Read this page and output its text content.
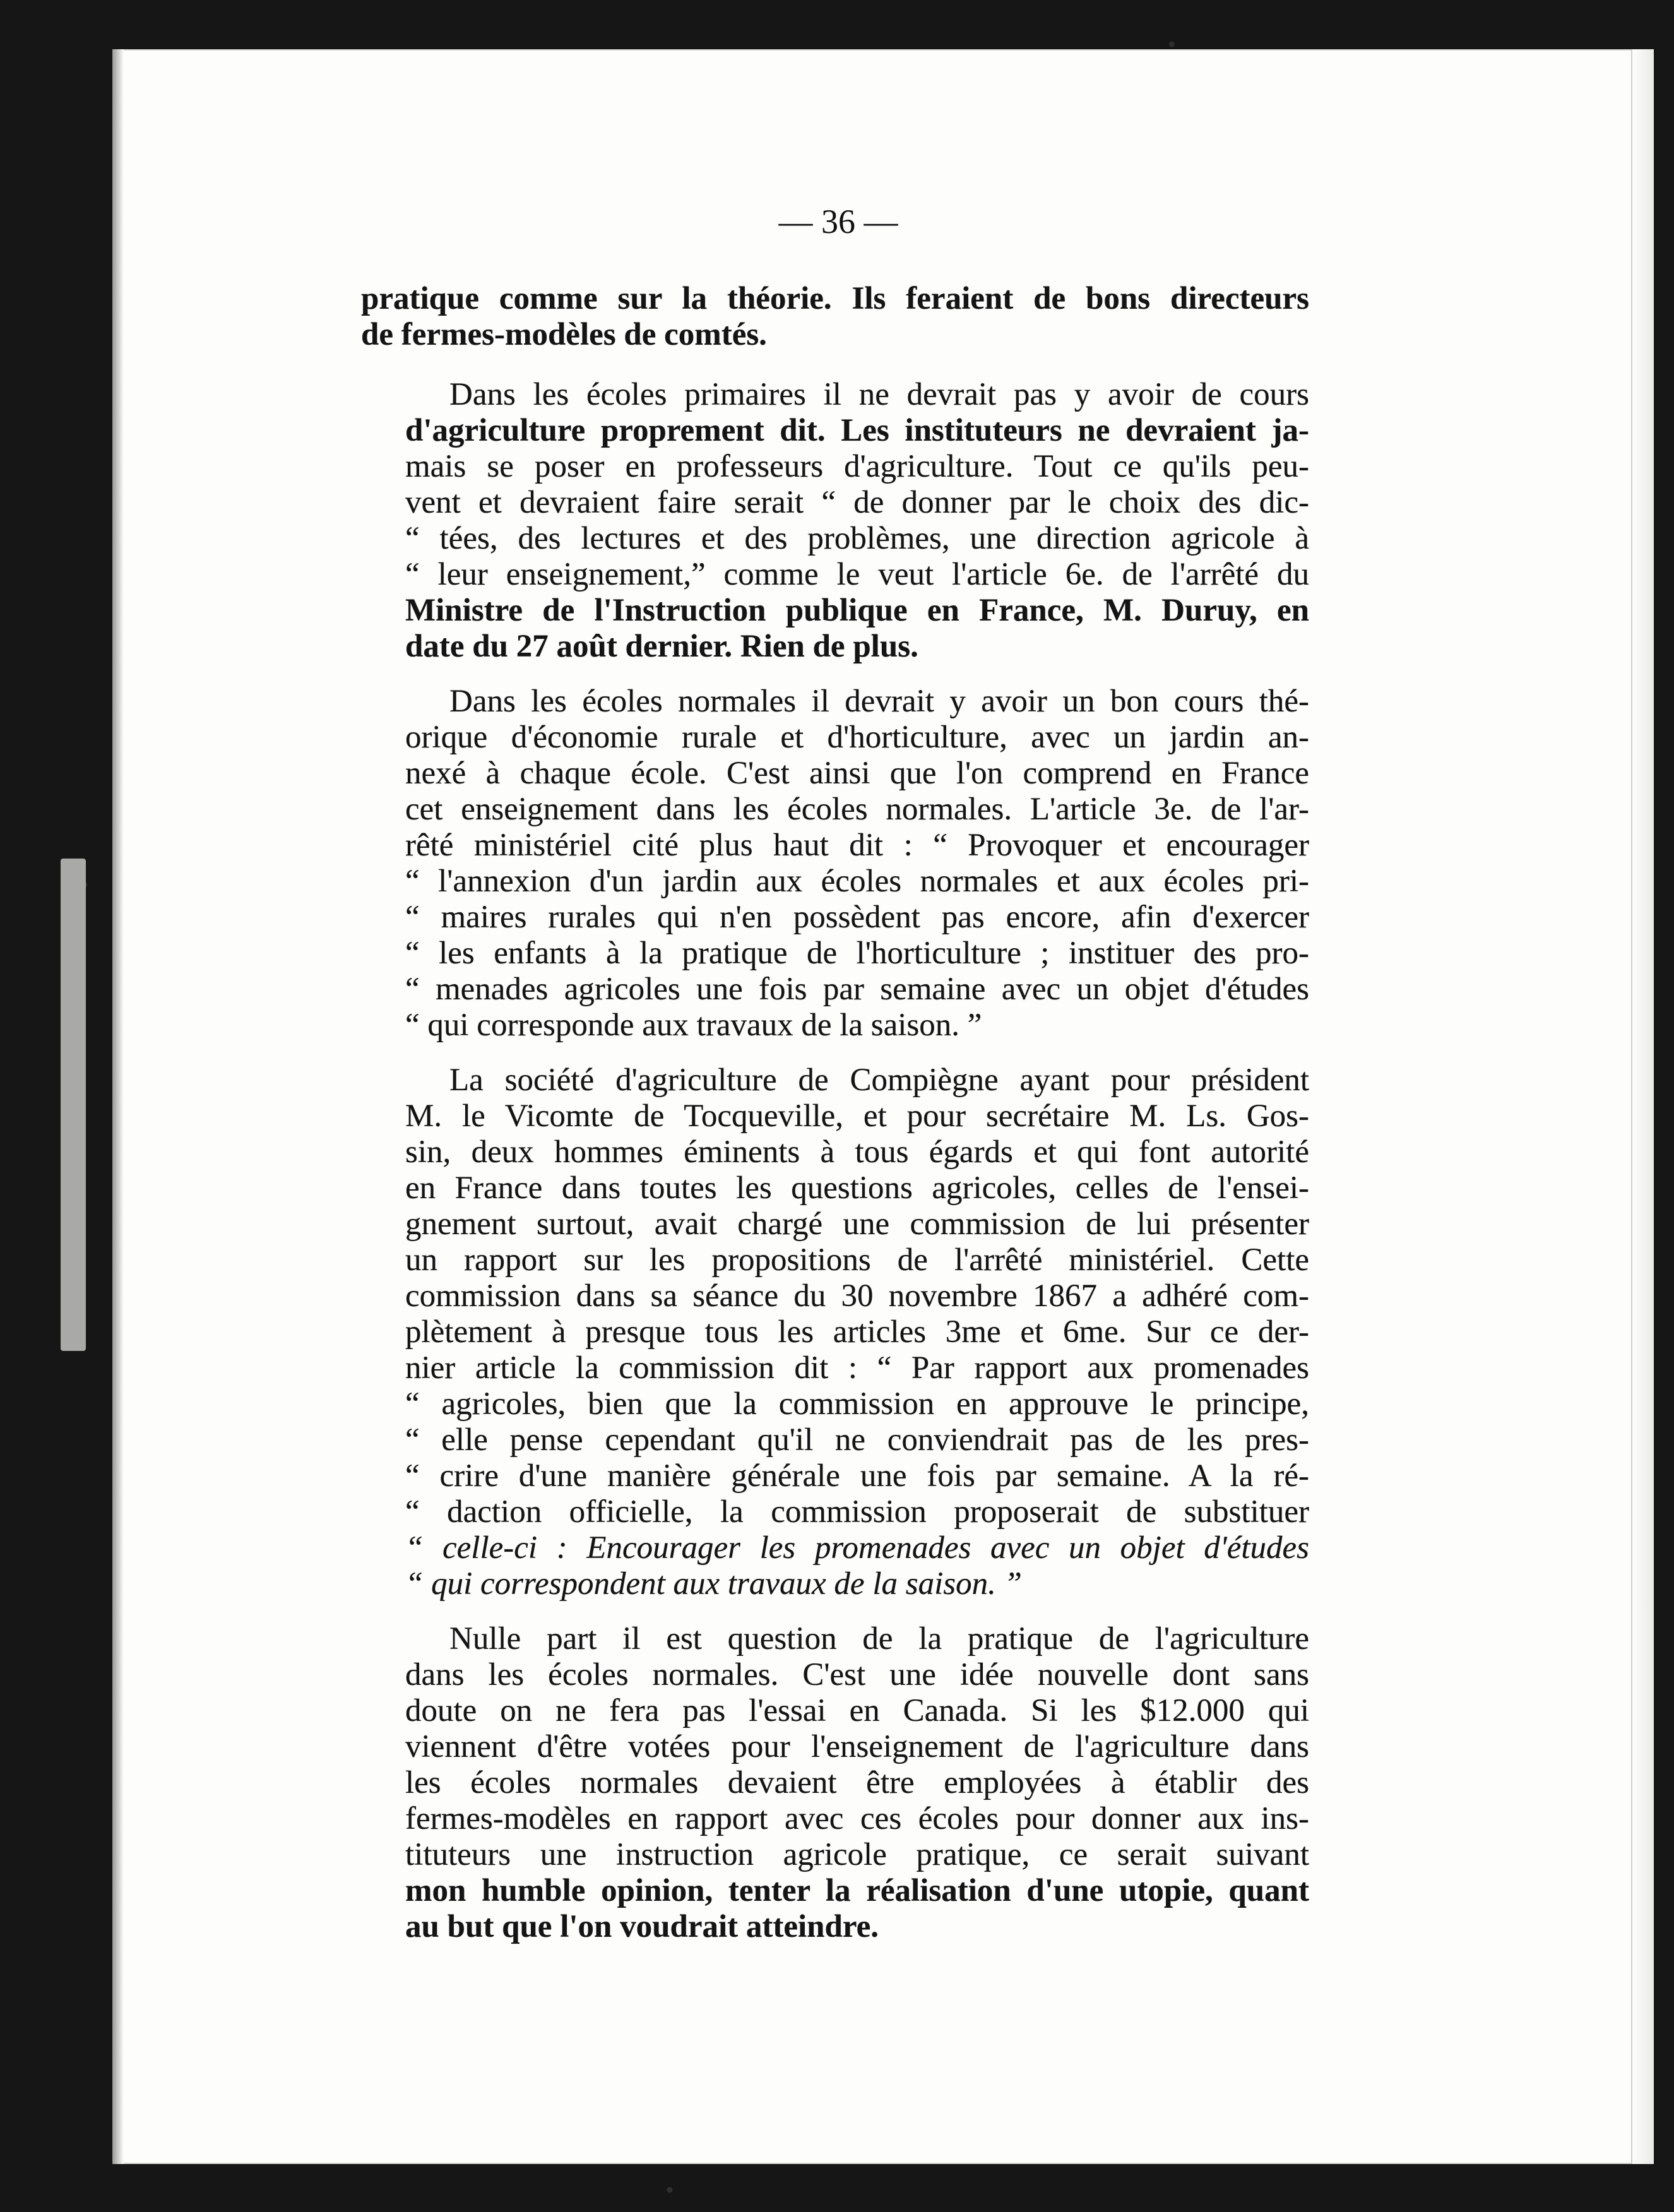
— 36 —
pratique comme sur la théorie. Ils feraient de bons directeurs
de fermes-modèles de comtés.
Dans les écoles primaires il ne devrait pas y avoir de cours
d'agriculture proprement dit. Les instituteurs ne devraient ja-
mais se poser en professeurs d'agriculture. Tout ce qu'ils peu-
vent et devraient faire serait “ de donner par le choix des dic-
“ tées, des lectures et des problèmes, une direction agricole à
“ leur enseignement,” comme le veut l'article 6e. de l'arrêté du
Ministre de l'Instruction publique en France, M. Duruy, en
date du 27 août dernier. Rien de plus.
Dans les écoles normales il devrait y avoir un bon cours thé-
orique d'économie rurale et d'horticulture, avec un jardin an-
nexé à chaque école. C'est ainsi que l'on comprend en France
cet enseignement dans les écoles normales. L'article 3e. de l'ar-
rêté ministériel cité plus haut dit : “ Provoquer et encourager
“ l'annexion d'un jardin aux écoles normales et aux écoles pri-
“ maires rurales qui n'en possèdent pas encore, afin d'exercer
“ les enfants à la pratique de l'horticulture ; instituer des pro-
“ menades agricoles une fois par semaine avec un objet d'études
“ qui corresponde aux travaux de la saison. ”
La société d'agriculture de Compiègne ayant pour président
M. le Vicomte de Tocqueville, et pour secrétaire M. Ls. Gos-
sin, deux hommes éminents à tous égards et qui font autorité
en France dans toutes les questions agricoles, celles de l'ensei-
gnement surtout, avait chargé une commission de lui présenter
un rapport sur les propositions de l'arrêté ministériel. Cette
commission dans sa séance du 30 novembre 1867 a adhéré com-
plètement à presque tous les articles 3me et 6me. Sur ce der-
nier article la commission dit : “ Par rapport aux promenades
“ agricoles, bien que la commission en approuve le principe,
“ elle pense cependant qu'il ne conviendrait pas de les pres-
“ crire d'une manière générale une fois par semaine. A la ré-
“ daction officielle, la commission proposerait de substituer
“ celle-ci : Encourager les promenades avec un objet d'études
“ qui correspondent aux travaux de la saison. ”
Nulle part il est question de la pratique de l'agriculture
dans les écoles normales. C'est une idée nouvelle dont sans
doute on ne fera pas l'essai en Canada. Si les $12.000 qui
viennent d'être votées pour l'enseignement de l'agriculture dans
les écoles normales devaient être employées à établir des
fermes-modèles en rapport avec ces écoles pour donner aux ins-
tituteurs une instruction agricole pratique, ce serait suivant
mon humble opinion, tenter la réalisation d'une utopie, quant
au but que l'on voudrait atteindre.
